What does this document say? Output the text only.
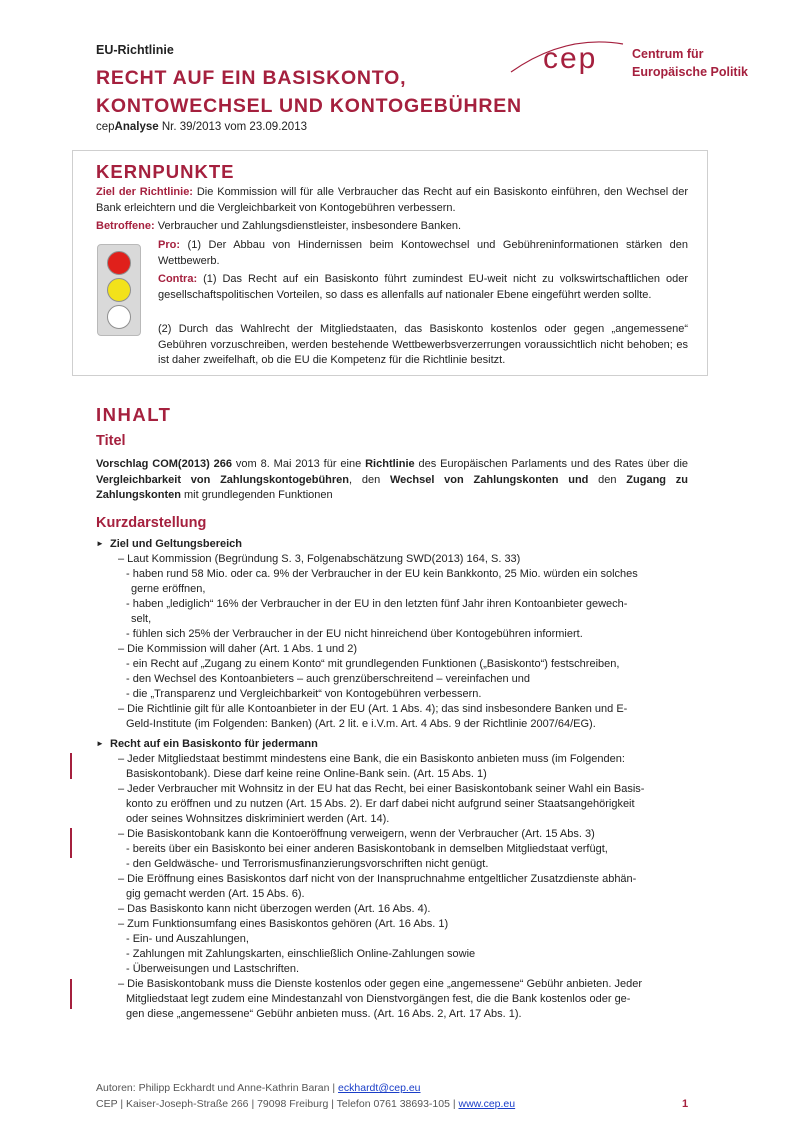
EU-Richtlinie
RECHT AUF EIN BASISKONTO,
KONTOWECHSEL UND KONTOGEBÜHREN
cepAnalyse Nr. 39/2013 vom 23.09.2013
cep	Centrum für
Europäische Politik
KERNPUNKTE
Ziel der Richtlinie: Die Kommission will für alle Verbraucher das Recht auf ein Basiskonto einführen, den Wechsel der Bank erleichtern und die Vergleichbarkeit von Kontogebühren verbessern.
Betroffene: Verbraucher und Zahlungsdienstleister, insbesondere Banken.
Pro: (1) Der Abbau von Hindernissen beim Kontowechsel und Gebühreninformationen stärken den Wettbewerb.
Contra: (1) Das Recht auf ein Basiskonto führt zumindest EU-weit nicht zu volkswirtschaftlichen oder gesellschaftspolitischen Vorteilen, so dass es allenfalls auf nationaler Ebene eingeführt werden sollte.
(2) Durch das Wahlrecht der Mitgliedstaaten, das Basiskonto kostenlos oder gegen „angemessene“ Gebühren vorzuschreiben, werden bestehende Wettbewerbsverzerrungen voraussichtlich nicht behoben; es ist daher zweifelhaft, ob die EU die Kompetenz für die Richtlinie besitzt.
INHALT
Titel
Vorschlag COM(2013) 266 vom 8. Mai 2013 für eine Richtlinie des Europäischen Parlaments und des Rates über die Vergleichbarkeit von Zahlungskontogebühren, den Wechsel von Zahlungskonten und den Zugang zu Zahlungskonten mit grundlegenden Funktionen
Kurzdarstellung
Ziel und Geltungsbereich
– Laut Kommission (Begründung S. 3, Folgenabschätzung SWD(2013) 164, S. 33)
- haben rund 58 Mio. oder ca. 9% der Verbraucher in der EU kein Bankkonto, 25 Mio. würden ein solches
gerne eröffnen,
- haben „lediglich“ 16% der Verbraucher in der EU in den letzten fünf Jahr ihren Kontoanbieter gewech-
selt,
- fühlen sich 25% der Verbraucher in der EU nicht hinreichend über Kontogebühren informiert.
– Die Kommission will daher (Art. 1 Abs. 1 und 2)
- ein Recht auf „Zugang zu einem Konto“ mit grundlegenden Funktionen („Basiskonto“) festschreiben,
- den Wechsel des Kontoanbieters – auch grenzüberschreitend – vereinfachen und
- die „Transparenz und Vergleichbarkeit“ von Kontogebühren verbessern.
– Die Richtlinie gilt für alle Kontoanbieter in der EU (Art. 1 Abs. 4); das sind insbesondere Banken und E-
Geld-Institute (im Folgenden: Banken) (Art. 2 lit. e i.V.m. Art. 4 Abs. 9 der Richtlinie 2007/64/EG).
Recht auf ein Basiskonto für jedermann
– Jeder Mitgliedstaat bestimmt mindestens eine Bank, die ein Basiskonto anbieten muss (im Folgenden:
Basiskontobank). Diese darf keine reine Online-Bank sein. (Art. 15 Abs. 1)
– Jeder Verbraucher mit Wohnsitz in der EU hat das Recht, bei einer Basiskontobank seiner Wahl ein Basis-
konto zu eröffnen und zu nutzen (Art. 15 Abs. 2). Er darf dabei nicht aufgrund seiner Staatsangehörigkeit
oder seines Wohnsitzes diskriminiert werden (Art. 14).
– Die Basiskontobank kann die Kontoeröffnung verweigern, wenn der Verbraucher (Art. 15 Abs. 3)
- bereits über ein Basiskonto bei einer anderen Basiskontobank in demselben Mitgliedstaat verfügt,
- den Geldwäsche- und Terrorismusfinanzierungsvorschriften nicht genügt.
– Die Eröffnung eines Basiskontos darf nicht von der Inanspruchnahme entgeltlicher Zusatzdienste abhän-
gig gemacht werden (Art. 15 Abs. 6).
– Das Basiskonto kann nicht überzogen werden (Art. 16 Abs. 4).
– Zum Funktionsumfang eines Basiskontos gehören (Art. 16 Abs. 1)
- Ein- und Auszahlungen,
- Zahlungen mit Zahlungskarten, einschließlich Online-Zahlungen sowie
- Überweisungen und Lastschriften.
– Die Basiskontobank muss die Dienste kostenlos oder gegen eine „angemessene“ Gebühr anbieten. Jeder
Mitgliedstaat legt zudem eine Mindestanzahl von Dienstvorgängen fest, die die Bank kostenlos oder ge-
gen diese „angemessene“ Gebühr anbieten muss. (Art. 16 Abs. 2, Art. 17 Abs. 1).
►
►
Autoren: Philipp Eckhardt und Anne-Kathrin Baran | eckhardt@cep.eu
CEP | Kaiser-Joseph-Straße 266 | 79098 Freiburg | Telefon 0761 38693-105 | www.cep.eu	1
